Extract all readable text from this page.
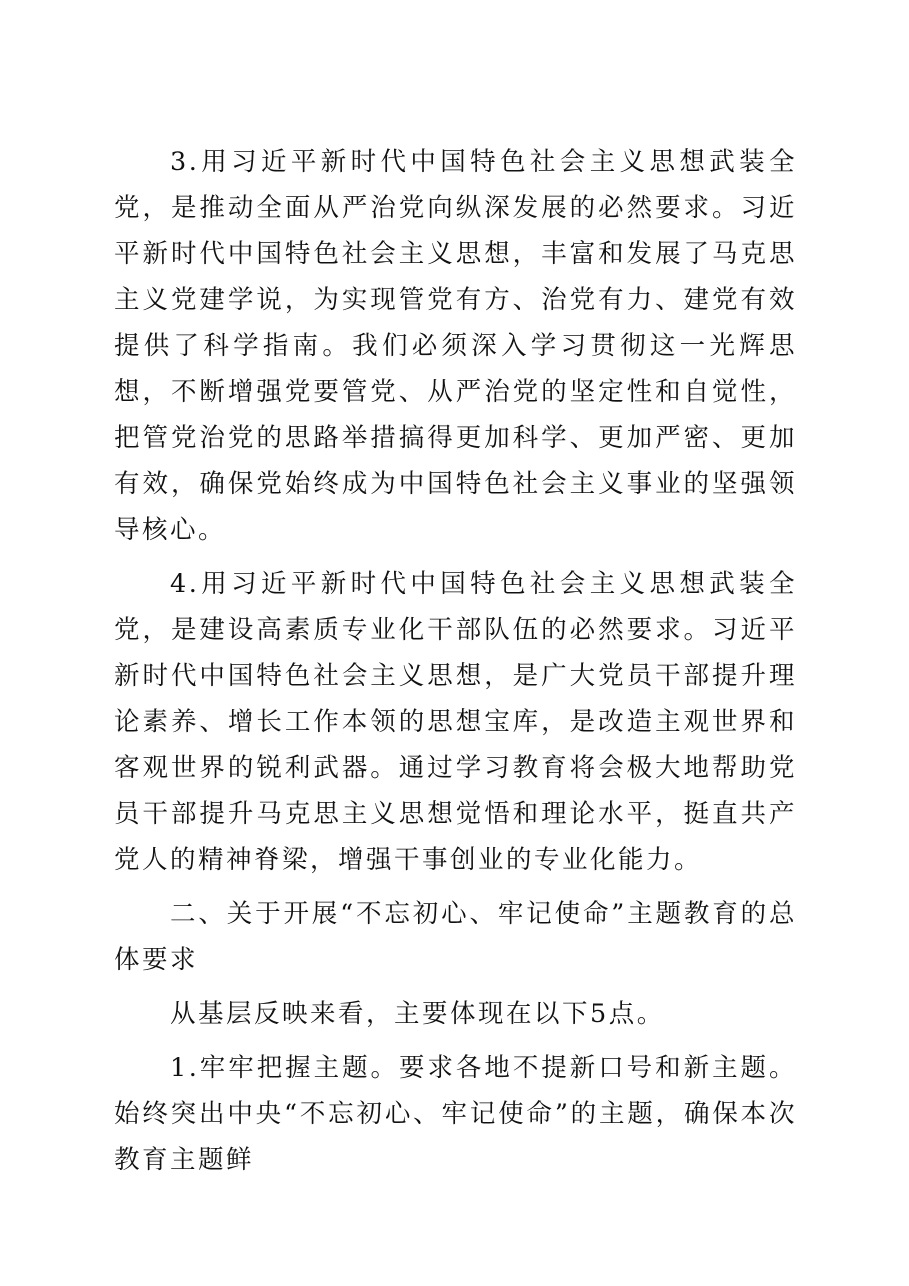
3.用习近平新时代中国特色社会主义思想武装全党，是推动全面从严治党向纵深发展的必然要求。习近平新时代中国特色社会主义思想，丰富和发展了马克思主义党建学说，为实现管党有方、治党有力、建党有效提供了科学指南。我们必须深入学习贯彻这一光辉思想，不断增强党要管党、从严治党的坚定性和自觉性，把管党治党的思路举措搞得更加科学、更加严密、更加有效，确保党始终成为中国特色社会主义事业的坚强领导核心。

4.用习近平新时代中国特色社会主义思想武装全党，是建设高素质专业化干部队伍的必然要求。习近平新时代中国特色社会主义思想，是广大党员干部提升理论素养、增长工作本领的思想宝库，是改造主观世界和客观世界的锐利武器。通过学习教育将会极大地帮助党员干部提升马克思主义思想觉悟和理论水平，挺直共产党人的精神脊梁，增强干事创业的专业化能力。

二、关于开展“不忘初心、牢记使命”主题教育的总体要求

从基层反映来看，主要体现在以下5点。

1.牢牢把握主题。要求各地不提新口号和新主题。始终突出中央“不忘初心、牢记使命”的主题，确保本次教育主题鲜
